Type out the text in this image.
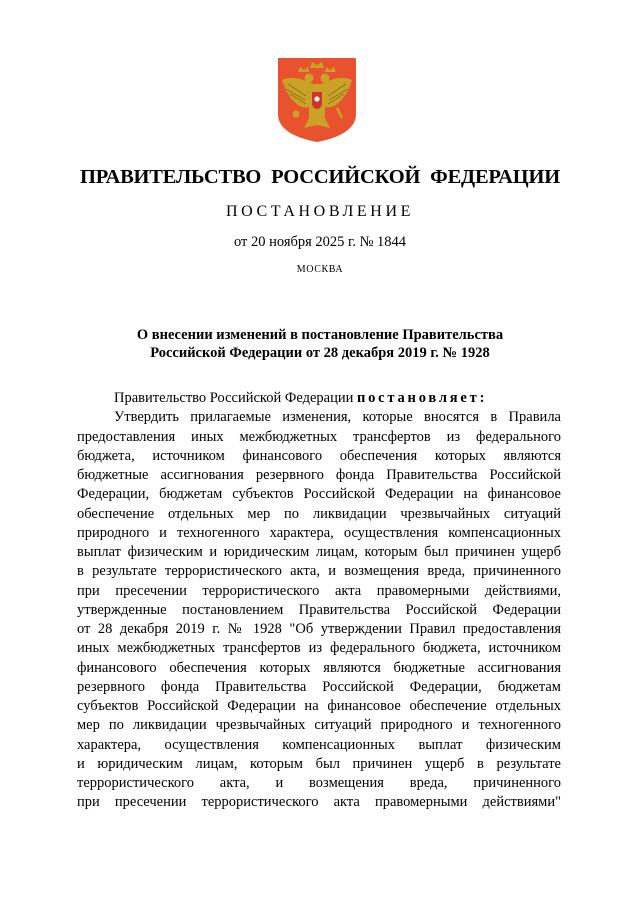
ПРАВИТЕЛЬСТВО РОССИЙСКОЙ ФЕДЕРАЦИИ
ПОСТАНОВЛЕНИЕ
от 20 ноября 2025 г. № 1844
МОСКВА
О внесении изменений в постановление Правительства
Российской Федерации от 28 декабря 2019 г. № 1928
Правительство Российской Федерации постановляет:
Утвердить прилагаемые изменения, которые вносятся в Правила
предоставления иных межбюджетных трансфертов из федерального
бюджета, источником финансового обеспечения которых являются
бюджетные ассигнования резервного фонда Правительства Российской
Федерации, бюджетам субъектов Российской Федерации на финансовое
обеспечение отдельных мер по ликвидации чрезвычайных ситуаций
природного и техногенного характера, осуществления компенсационных
выплат физическим и юридическим лицам, которым был причинен ущерб
в результате террористического акта, и возмещения вреда, причиненного
при пресечении террористического акта правомерными действиями,
утвержденные постановлением Правительства Российской Федерации
от 28 декабря 2019 г. № 1928 "Об утверждении Правил предоставления
иных межбюджетных трансфертов из федерального бюджета, источником
финансового обеспечения которых являются бюджетные ассигнования
резервного фонда Правительства Российской Федерации, бюджетам
субъектов Российской Федерации на финансовое обеспечение отдельных
мер по ликвидации чрезвычайных ситуаций природного и техногенного
характера, осуществления компенсационных выплат физическим
и юридическим лицам, которым был причинен ущерб в результате
террористического акта, и возмещения вреда, причиненного
при пресечении террористического акта правомерными действиями"
